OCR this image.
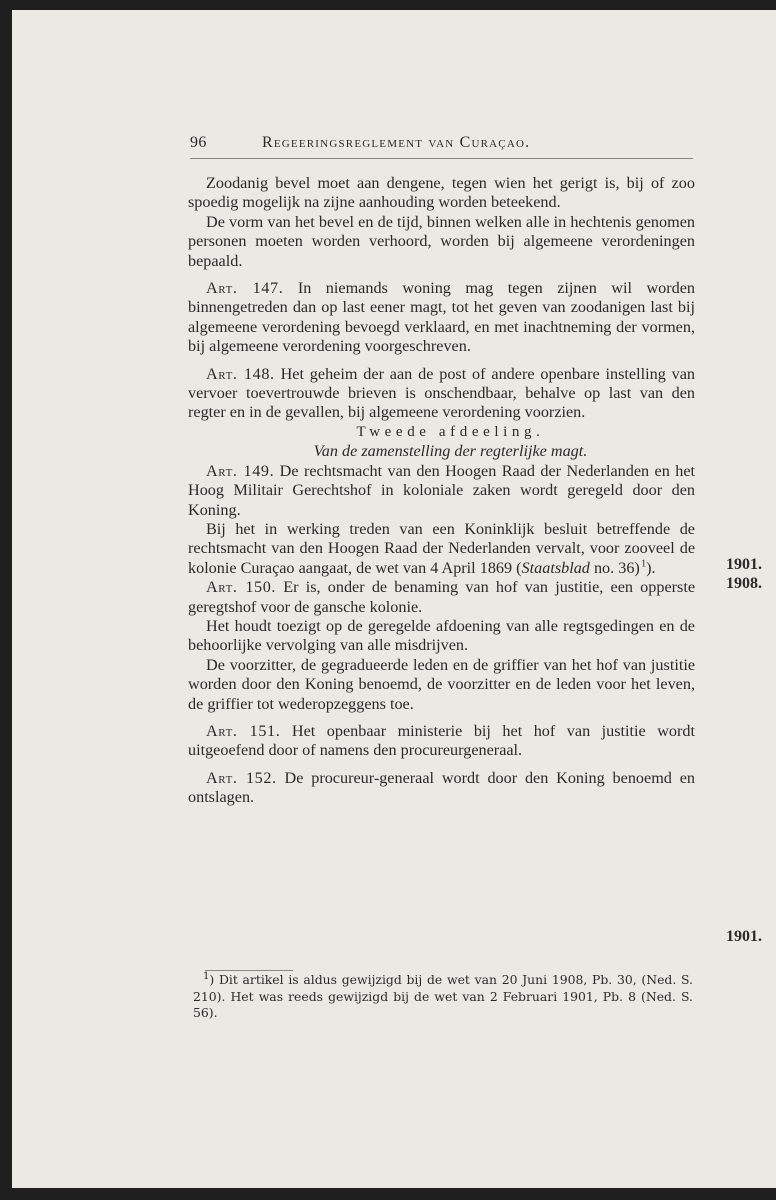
96	Regeeringsreglement van Curaçao.

Zoodanig bevel moet aan dengene, tegen wien het gerigt is, bij of zoo spoedig mogelijk na zijne aanhouding worden beteekend.

De vorm van het bevel en de tijd, binnen welken alle in hechtenis genomen personen moeten worden verhoord, worden bij algemeene verordeningen bepaald.

Art. 147. In niemands woning mag tegen zijnen wil worden binnengetreden dan op last eener magt, tot het geven van zoodanigen last bij algemeene verordening bevoegd verklaard, en met inachtneming der vormen, bij algemeene verordening voorgeschreven.

Art. 148. Het geheim der aan de post of andere openbare instelling van vervoer toevertrouwde brieven is onschendbaar, behalve op last van den regter en in de gevallen, bij algemeene verordening voorzien.

Tweede afdeeling.

Van de zamenstelling der regterlijke magt.

Art. 149. De rechtsmacht van den Hoogen Raad der Nederlanden en het Hoog Militair Gerechtshof in koloniale zaken wordt geregeld door den Koning.

Bij het in werking treden van een Koninklijk besluit betreffende de rechtsmacht van den Hoogen Raad der Nederlanden vervalt, voor zooveel de kolonie Curaçao aangaat, de wet van 4 April 1869 (Staatsblad no. 36) $^1$).

Art. 150. Er is, onder de benaming van hof van justitie, een opperste geregtshof voor de gansche kolonie.

Het houdt toezigt op de geregelde afdoening van alle regtsgedingen en de behoorlijke vervolging van alle misdrijven.

De voorzitter, de gegradueerde leden en de griffier van het hof van justitie worden door den Koning benoemd, de voorzitter en de leden voor het leven, de griffier tot wederopzeggens toe.

Art. 151. Het openbaar ministerie bij het hof van justitie wordt uitgeoefend door of namens den procureurgeneraal.

Art. 152. De procureur-generaal wordt door den Koning benoemd en ontslagen.

1901.
1908.
1901.

$^1$) Dit artikel is aldus gewijzigd bij de wet van 20 Juni 1908, Pb. 30, (Ned. S. 210). Het was reeds gewijzigd bij de wet van 2 Februari 1901, Pb. 8 (Ned. S. 56).
